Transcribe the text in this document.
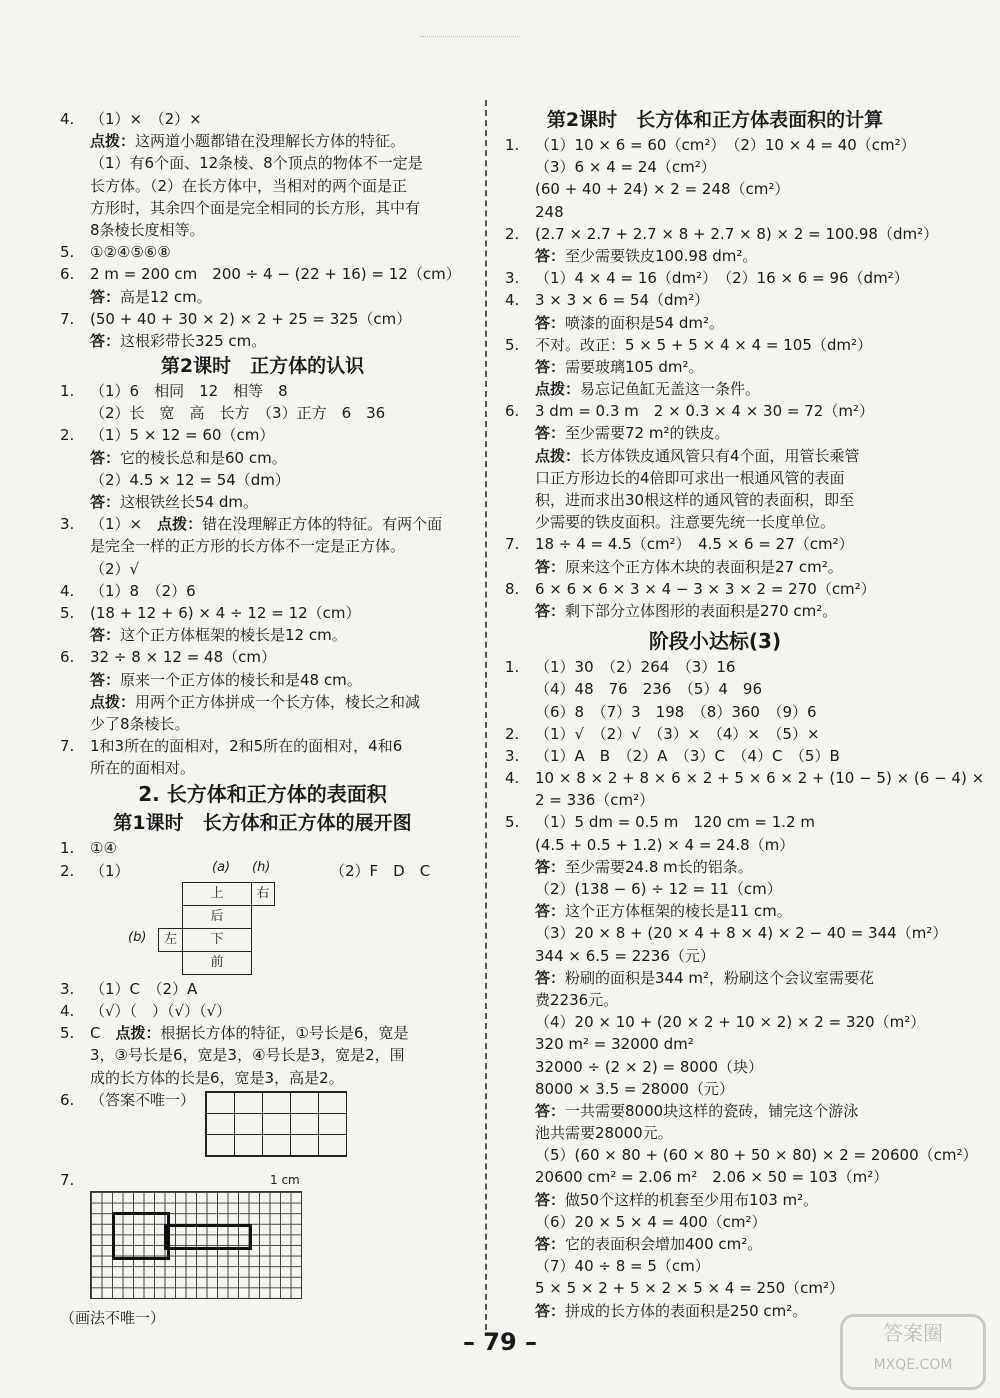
4.	（1）×　（2）×
点拨：这两道小题都错在没理解长方体的特征。
（1）有6个面、12条棱、8个顶点的物体不一定是
长方体。（2）在长方体中，当相对的两个面是正
方形时，其余四个面是完全相同的长方形，其中有
8条棱长度相等。
5.	①②④⑤⑥⑧
6.	2 m = 200 cm　200 ÷ 4 − (22 + 16) = 12（cm）
答：高是12 cm。
7.	(50 + 40 + 30 × 2) × 2 + 25 = 325（cm）
答：这根彩带长325 cm。
第2课时　正方体的认识
1.	（1）6　相同　12　相等　8
（2）长　宽　高　长方　（3）正方　6　36
2.	（1）5 × 12 = 60（cm）
答：它的棱长总和是60 cm。
（2）4.5 × 12 = 54（dm）
答：这根铁丝长54 dm。
3.	（1）×　点拨：错在没理解正方体的特征。有两个面
是完全一样的正方形的长方体不一定是正方体。
（2）√
4.	（1）8　（2）6
5.	(18 + 12 + 6) × 4 ÷ 12 = 12（cm）
答：这个正方体框架的棱长是12 cm。
6.	32 ÷ 8 × 12 = 48（cm）
答：原来一个正方体的棱长和是48 cm。
点拨：用两个正方体拼成一个长方体，棱长之和减
少了8条棱长。
7.	1和3所在的面相对，2和5所在的面相对，4和6
所在的面相对。
2. 长方体和正方体的表面积
第1课时　长方体和正方体的展开图
1.	①④
2.	（1）	（2）F　D　C
(a) (h)
上	右
后
左	下
前
(b)
3.	（1）C　（2）A
4.	（√）（　）（√）（√）
5.	C　点拨：根据长方体的特征，①号长是6，宽是
3，③号长是6，宽是3，④号长是3，宽是2，围
成的长方体的长是6，宽是3，高是2。
6.	（答案不唯一）
7.	1 cm
（画法不唯一）
第2课时　长方体和正方体表面积的计算
1.	（1）10 × 6 = 60（cm²）　（2）10 × 4 = 40（cm²）
（3）6 × 4 = 24（cm²）
(60 + 40 + 24) × 2 = 248（cm²）
248
2.	(2.7 × 2.7 + 2.7 × 8 + 2.7 × 8) × 2 = 100.98（dm²）
答：至少需要铁皮100.98 dm²。
3.	（1）4 × 4 = 16（dm²）　（2）16 × 6 = 96（dm²）
4.	3 × 3 × 6 = 54（dm²）
答：喷漆的面积是54 dm²。
5.	不对。改正：5 × 5 + 5 × 4 × 4 = 105（dm²）
答：需要玻璃105 dm²。
点拨：易忘记鱼缸无盖这一条件。
6.	3 dm = 0.3 m　2 × 0.3 × 4 × 30 = 72（m²）
答：至少需要72 m²的铁皮。
点拨：长方体铁皮通风管只有4个面，用管长乘管
口正方形边长的4倍即可求出一根通风管的表面
积，进而求出30根这样的通风管的表面积，即至
少需要的铁皮面积。注意要先统一长度单位。
7.	18 ÷ 4 = 4.5（cm²）　4.5 × 6 = 27（cm²）
答：原来这个正方体木块的表面积是27 cm²。
8.	6 × 6 × 6 × 3 × 4 − 3 × 3 × 2 = 270（cm²）
答：剩下部分立体图形的表面积是270 cm²。
阶段小达标(3)
1.	（1）30　（2）264　（3）16
（4）48　76　236　（5）4　96
（6）8　（7）3　198　（8）360　（9）6
2.	（1）√　（2）√　（3）×　（4）×　（5）×
3.	（1）A　B　（2）A　（3）C　（4）C　（5）B
4.	10 × 8 × 2 + 8 × 6 × 2 + 5 × 6 × 2 + (10 − 5) × (6 − 4) ×
2 = 336（cm²）
5.	（1）5 dm = 0.5 m　120 cm = 1.2 m
(4.5 + 0.5 + 1.2) × 4 = 24.8（m）
答：至少需要24.8 m长的铝条。
（2）(138 − 6) ÷ 12 = 11（cm）
答：这个正方体框架的棱长是11 cm。
（3）20 × 8 + (20 × 4 + 8 × 4) × 2 − 40 = 344（m²）
344 × 6.5 = 2236（元）
答：粉刷的面积是344 m²，粉刷这个会议室需要花
费2236元。
（4）20 × 10 + (20 × 2 + 10 × 2) × 2 = 320（m²）
320 m² = 32000 dm²
32000 ÷ (2 × 2) = 8000（块）
8000 × 3.5 = 28000（元）
答：一共需要8000块这样的瓷砖，铺完这个游泳
池共需要28000元。
（5）(60 × 80 + (60 × 80 + 50 × 80) × 2 = 20600（cm²）
20600 cm² = 2.06 m²　2.06 × 50 = 103（m²）
答：做50个这样的机套至少用布103 m²。
（6）20 × 5 × 4 = 400（cm²）
答：它的表面积会增加400 cm²。
（7）40 ÷ 8 = 5（cm）
5 × 5 × 2 + 5 × 2 × 5 × 4 = 250（cm²）
答：拼成的长方体的表面积是250 cm²。
– 79 –	答案圈
MXQE.COM
